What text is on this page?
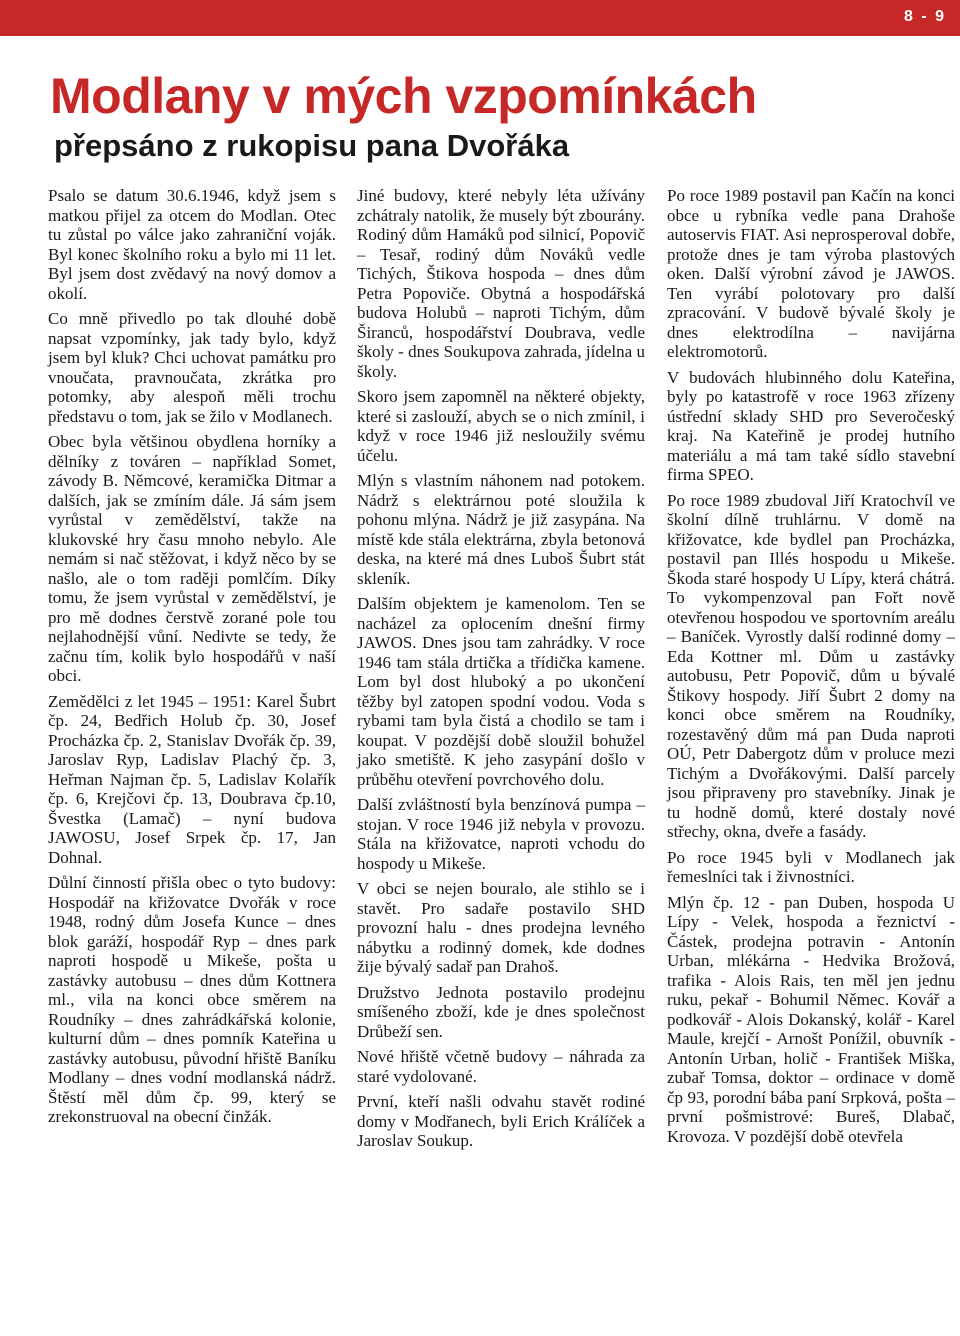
8 - 9
Modlany v mých vzpomínkách
přepsáno z rukopisu pana Dvořáka

Psalo se datum 30.6.1946, když jsem s matkou přijel za otcem do Modlan. Otec tu zůstal po válce jako zahraniční voják. Byl konec školního roku a bylo mi 11 let. Byl jsem dost zvědavý na nový domov a okolí.

Co mně přivedlo po tak dlouhé době napsat vzpomínky, jak tady bylo, když jsem byl kluk? Chci uchovat památku pro vnoučata, pravnoučata, zkrátka pro potomky, aby alespoň měli trochu představu o tom, jak se žilo v Modlanech.

Obec byla většinou obydlena horníky a dělníky z továren – například Somet, závody B. Němcové, keramička Ditmar a dalších, jak se zmíním dále. Já sám jsem vyrůstal v zemědělství, takže na klukovské hry času mnoho nebylo. Ale nemám si nač stěžovat, i když něco by se našlo, ale o tom raději pomlčím. Díky tomu, že jsem vyrůstal v zemědělství, je pro mě dodnes čerstvě zorané pole tou nejlahodnější vůní. Nedivte se tedy, že začnu tím, kolik bylo hospodářů v naší obci.

Zemědělci z let 1945 – 1951: Karel Šubrt čp. 24, Bedřich Holub čp. 30, Josef Procházka čp. 2, Stanislav Dvořák čp. 39, Jaroslav Ryp, Ladislav Plachý čp. 3, Heřman Najman čp. 5, Ladislav Kolařík čp. 6, Krejčovi čp. 13, Doubrava čp.10, Švestka (Lamač) – nyní budova JAWOSU, Josef Srpek čp. 17, Jan Dohnal.

Důlní činností přišla obec o tyto budovy: Hospodář na křižovatce Dvořák v roce 1948, rodný dům Josefa Kunce – dnes blok garáží, hospodář Ryp – dnes park naproti hospodě u Mikeše, pošta u zastávky autobusu – dnes dům Kottnera ml., vila na konci obce směrem na Roudníky – dnes zahrádkářská kolonie, kulturní dům – dnes pomník Kateřina u zastávky autobusu, původní hřiště Baníku Modlany – dnes vodní modlanská nádrž. Štěstí měl dům čp. 99, který se zrekonstruoval na obecní činžák.

Jiné budovy, které nebyly léta užívány zchátraly natolik, že musely být zbourány. Rodiný dům Hamáků pod silnicí, Popovič – Tesař, rodiný dům Nováků vedle Tichých, Štikova hospoda – dnes dům Petra Popoviče. Obytná a hospodářská budova Holubů – naproti Tichým, dům Širanců, hospodářství Doubrava, vedle školy - dnes Soukupova zahrada, jídelna u školy.

Skoro jsem zapomněl na některé objekty, které si zaslouží, abych se o nich zmínil, i když v roce 1946 již nesloužily svému účelu.

Mlýn s vlastním náhonem nad potokem. Nádrž s elektrárnou poté sloužila k pohonu mlýna. Nádrž je již zasypána. Na místě kde stála elektrárna, zbyla betonová deska, na které má dnes Luboš Šubrt stát skleník.

Dalším objektem je kamenolom. Ten se nacházel za oplocením dnešní firmy JAWOS. Dnes jsou tam zahrádky. V roce 1946 tam stála drtička a třídička kamene. Lom byl dost hluboký a po ukončení těžby byl zatopen spodní vodou. Voda s rybami tam byla čistá a chodilo se tam i koupat. V pozdější době sloužil bohužel jako smetiště. K jeho zasypání došlo v průběhu otevření povrchového dolu.

Další zvláštností byla benzínová pumpa – stojan. V roce 1946 již nebyla v provozu. Stála na křižovatce, naproti vchodu do hospody u Mikeše.

V obci se nejen bouralo, ale stihlo se i stavět. Pro sadaře postavilo SHD provozní halu - dnes prodejna levného nábytku a rodinný domek, kde dodnes žije bývalý sadař pan Drahoš.

Družstvo Jednota postavilo prodejnu smíšeného zboží, kde je dnes společnost Drůbeží sen.

Nové hřiště včetně budovy – náhrada za staré vydolované.

První, kteří našli odvahu stavět rodiné domy v Modřanech, byli Erich Králíček a Jaroslav Soukup.

Po roce 1989 postavil pan Kačín na konci obce u rybníka vedle pana Drahoše autoservis FIAT. Asi neprosperoval dobře, protože dnes je tam výroba plastových oken. Další výrobní závod je JAWOS. Ten vyrábí polotovary pro další zpracování. V budově bývalé školy je dnes elektrodílna – navijárna elektromotorů.

V budovách hlubinného dolu Kateřina, byly po katastrofě v roce 1963 zřízeny ústřední sklady SHD pro Severočeský kraj. Na Kateřině je prodej hutního materiálu a má tam také sídlo stavební firma SPEO.

Po roce 1989 zbudoval Jiří Kratochvíl ve školní dílně truhlárnu. V domě na křižovatce, kde bydlel pan Procházka, postavil pan Illés hospodu u Mikeše. Škoda staré hospody U Lípy, která chátrá. To vykompenzoval pan Fořt nově otevřenou hospodou ve sportovním areálu – Baníček. Vyrostly další rodinné domy – Eda Kottner ml. Dům u zastávky autobusu, Petr Popovič, dům u bývalé Štikovy hospody. Jiří Šubrt 2 domy na konci obce směrem na Roudníky, rozestavěný dům má pan Duda naproti OÚ, Petr Dabergotz dům v proluce mezi Tichým a Dvořákovými. Další parcely jsou připraveny pro stavebníky. Jinak je tu hodně domů, které dostaly nové střechy, okna, dveře a fasády.

Po roce 1945 byli v Modlanech jak řemeslníci tak i živnostníci.

Mlýn čp. 12 - pan Duben, hospoda U Lípy - Velek, hospoda a řeznictví - Částek, prodejna potravin - Antonín Urban, mlékárna - Hedvika Brožová, trafika - Alois Rais, ten měl jen jednu ruku, pekař - Bohumil Němec. Kovář a podkovář - Alois Dokanský, kolář - Karel Maule, krejčí - Arnošt Ponížil, obuvník - Antonín Urban, holič - František Miška, zubař Tomsa, doktor – ordinace v domě čp 93, porodní bába paní Srpková, pošta – první pošmistrové: Bureš, Dlabač, Krovoza. V pozdější době otevřela
